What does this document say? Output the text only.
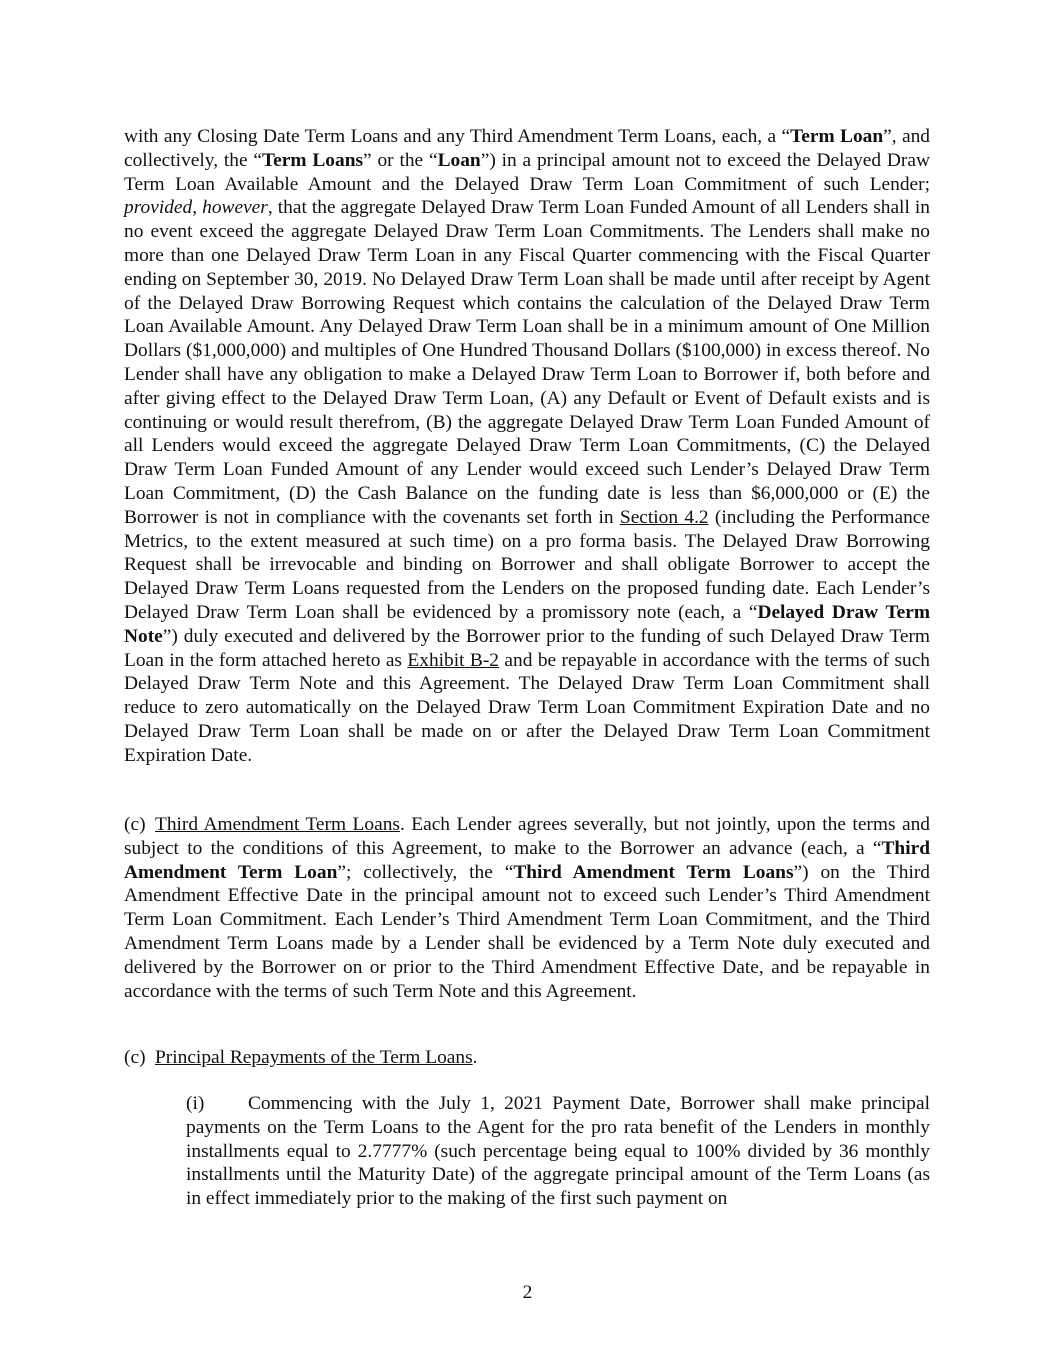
with any Closing Date Term Loans and any Third Amendment Term Loans, each, a “Term Loan”, and collectively, the “Term Loans” or the “Loan”) in a principal amount not to exceed the Delayed Draw Term Loan Available Amount and the Delayed Draw Term Loan Commitment of such Lender; provided, however, that the aggregate Delayed Draw Term Loan Funded Amount of all Lenders shall in no event exceed the aggregate Delayed Draw Term Loan Commitments. The Lenders shall make no more than one Delayed Draw Term Loan in any Fiscal Quarter commencing with the Fiscal Quarter ending on September 30, 2019. No Delayed Draw Term Loan shall be made until after receipt by Agent of the Delayed Draw Borrowing Request which contains the calculation of the Delayed Draw Term Loan Available Amount. Any Delayed Draw Term Loan shall be in a minimum amount of One Million Dollars ($1,000,000) and multiples of One Hundred Thousand Dollars ($100,000) in excess thereof. No Lender shall have any obligation to make a Delayed Draw Term Loan to Borrower if, both before and after giving effect to the Delayed Draw Term Loan, (A) any Default or Event of Default exists and is continuing or would result therefrom, (B) the aggregate Delayed Draw Term Loan Funded Amount of all Lenders would exceed the aggregate Delayed Draw Term Loan Commitments, (C) the Delayed Draw Term Loan Funded Amount of any Lender would exceed such Lender’s Delayed Draw Term Loan Commitment, (D) the Cash Balance on the funding date is less than $6,000,000 or (E) the Borrower is not in compliance with the covenants set forth in Section 4.2 (including the Performance Metrics, to the extent measured at such time) on a pro forma basis. The Delayed Draw Borrowing Request shall be irrevocable and binding on Borrower and shall obligate Borrower to accept the Delayed Draw Term Loans requested from the Lenders on the proposed funding date. Each Lender’s Delayed Draw Term Loan shall be evidenced by a promissory note (each, a “Delayed Draw Term Note”) duly executed and delivered by the Borrower prior to the funding of such Delayed Draw Term Loan in the form attached hereto as Exhibit B-2 and be repayable in accordance with the terms of such Delayed Draw Term Note and this Agreement. The Delayed Draw Term Loan Commitment shall reduce to zero automatically on the Delayed Draw Term Loan Commitment Expiration Date and no Delayed Draw Term Loan shall be made on or after the Delayed Draw Term Loan Commitment Expiration Date.

(c) Third Amendment Term Loans. Each Lender agrees severally, but not jointly, upon the terms and subject to the conditions of this Agreement, to make to the Borrower an advance (each, a “Third Amendment Term Loan”; collectively, the “Third Amendment Term Loans”) on the Third Amendment Effective Date in the principal amount not to exceed such Lender’s Third Amendment Term Loan Commitment. Each Lender’s Third Amendment Term Loan Commitment, and the Third Amendment Term Loans made by a Lender shall be evidenced by a Term Note duly executed and delivered by the Borrower on or prior to the Third Amendment Effective Date, and be repayable in accordance with the terms of such Term Note and this Agreement.

(c) Principal Repayments of the Term Loans.

(i) Commencing with the July 1, 2021 Payment Date, Borrower shall make principal payments on the Term Loans to the Agent for the pro rata benefit of the Lenders in monthly installments equal to 2.7777% (such percentage being equal to 100% divided by 36 monthly installments until the Maturity Date) of the aggregate principal amount of the Term Loans (as in effect immediately prior to the making of the first such payment on

2
